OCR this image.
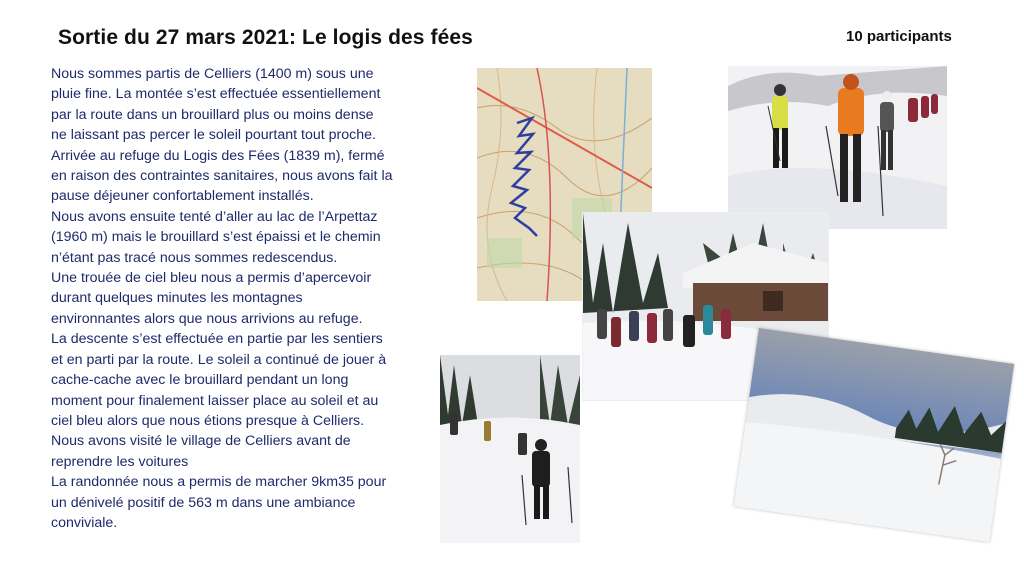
Sortie du 27 mars 2021: Le logis des fées	10 participants

Nous sommes partis de Celliers (1400 m) sous une

pluie fine. La montée s’est effectuée essentiellement

par la route dans un brouillard plus ou moins dense

ne laissant pas percer le soleil pourtant tout proche.

Arrivée au refuge du Logis des Fées (1839 m), fermé

en raison des contraintes sanitaires, nous avons fait la

pause déjeuner confortablement installés.

Nous avons ensuite tenté d’aller au lac de l’Arpettaz

(1960 m) mais le brouillard s’est épaissi et le chemin

n’étant pas tracé nous sommes redescendus.

Une trouée de ciel bleu nous a permis d’apercevoir

durant quelques minutes les montagnes

environnantes alors que nous arrivions au refuge.

La descente s’est effectuée en partie par les sentiers

et en parti par la route. Le soleil a continué de jouer à

cache-cache avec le brouillard pendant un long

moment pour finalement laisser place au soleil et au

ciel bleu alors que nous étions presque à Celliers.

Nous avons visité le village de Celliers avant de

reprendre les voitures

La randonnée nous a permis de marcher 9km35 pour

un dénivelé positif de 563 m dans une ambiance

conviviale.
